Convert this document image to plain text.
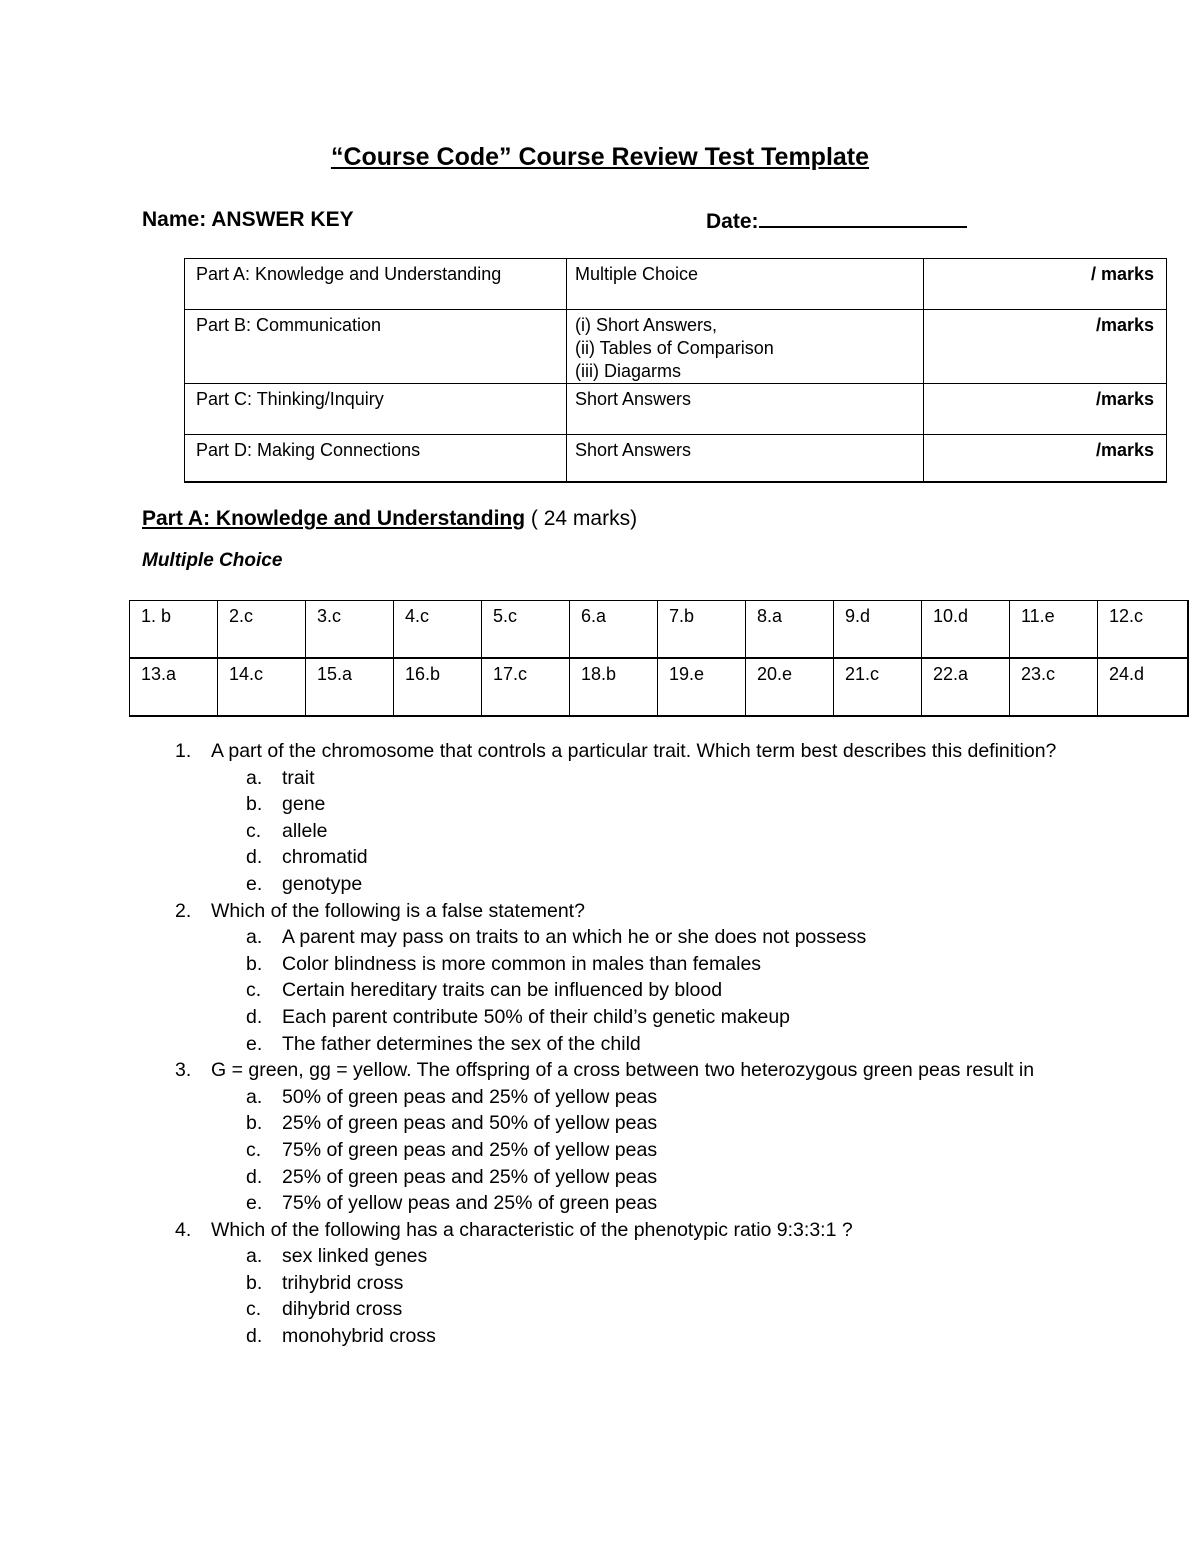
“Course Code” Course Review Test Template
Name: ANSWER KEY	Date:
Part A: Knowledge and Understanding	Multiple Choice	/ marks
Part B: Communication	(i) Short Answers,
(ii) Tables of Comparison
(iii) Diagarms	/marks
Part C: Thinking/Inquiry	Short Answers	/marks
Part D: Making Connections	Short Answers	/marks
Part A: Knowledge and Understanding ( 24 marks)
Multiple Choice
1. b	2.c	3.c	4.c	5.c	6.a	7.b	8.a	9.d	10.d	11.e	12.c
13.a	14.c	15.a	16.b	17.c	18.b	19.e	20.e	21.c	22.a	23.c	24.d
1.	A part of the chromosome that controls a particular trait. Which term best describes this definition?
a.	trait
b.	gene
c.	allele
d.	chromatid
e.	genotype
2.	Which of the following is a false statement?
a.	A parent may pass on traits to an which he or she does not possess
b.	Color blindness is more common in males than females
c.	Certain hereditary traits can be influenced by blood
d.	Each parent contribute 50% of their child’s genetic makeup
e.	The father determines the sex of the child
3.	G = green, gg = yellow. The offspring of a cross between two heterozygous green peas result in
a.	50% of green peas and 25% of yellow peas
b.	25% of green peas and 50% of yellow peas
c.	75% of green peas and 25% of yellow peas
d.	25% of green peas and 25% of yellow peas
e.	75% of yellow peas and 25% of green peas
4.	Which of the following has a characteristic of the phenotypic ratio 9:3:3:1 ?
a.	sex linked genes
b.	trihybrid cross
c.	dihybrid cross
d.	monohybrid cross
